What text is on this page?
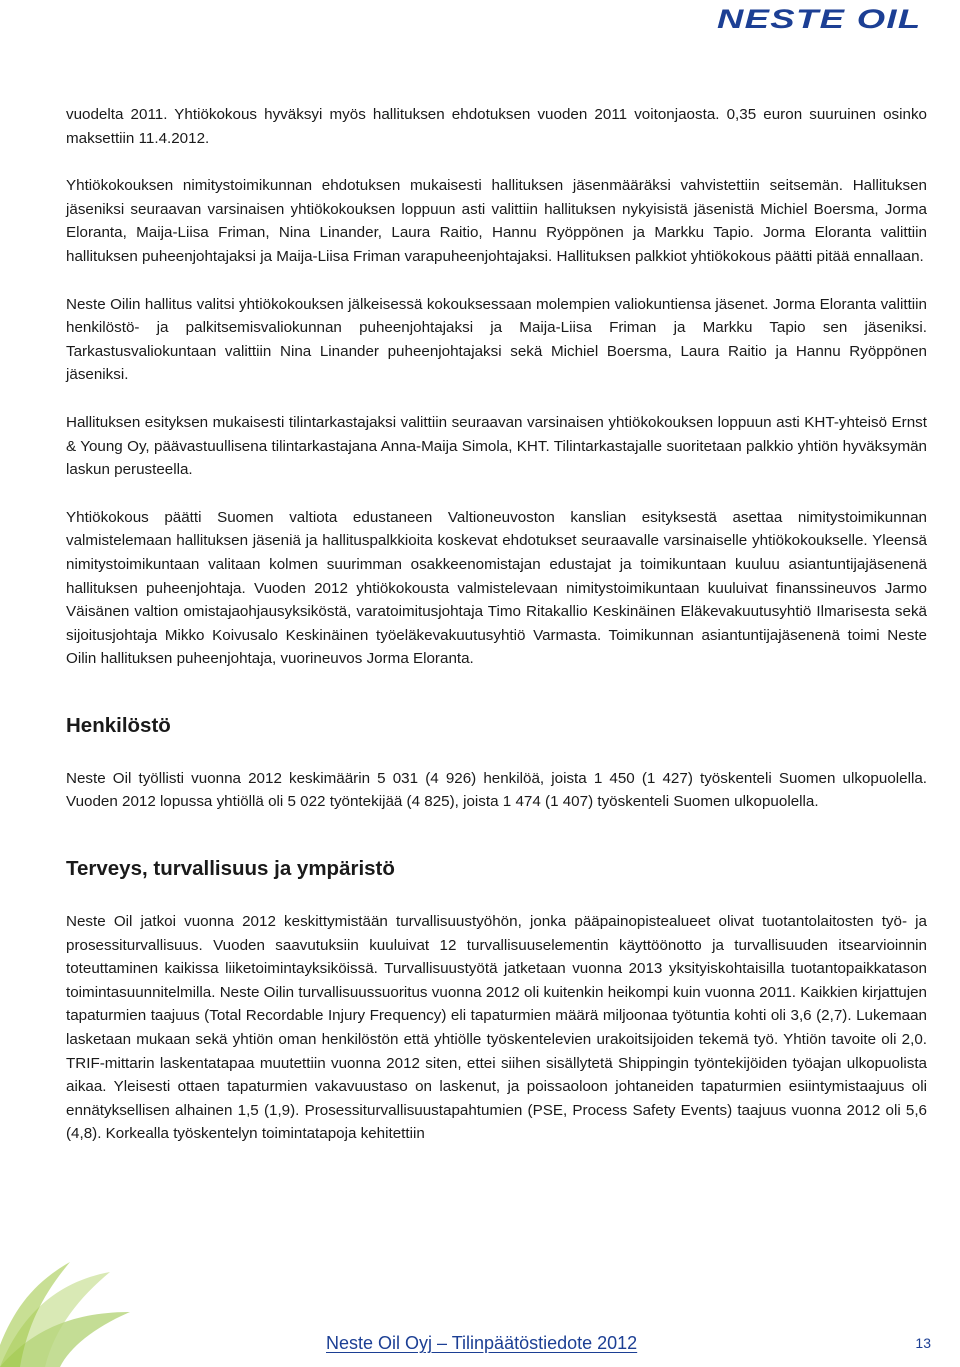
NESTE OIL

vuodelta 2011. Yhtiökokous hyväksyi myös hallituksen ehdotuksen vuoden 2011 voitonjaosta. 0,35 euron suuruinen osinko maksettiin 11.4.2012.

Yhtiökokouksen nimitystoimikunnan ehdotuksen mukaisesti hallituksen jäsenmääräksi vahvistettiin seitsemän. Hallituksen jäseniksi seuraavan varsinaisen yhtiökokouksen loppuun asti valittiin hallituksen nykyisistä jäsenistä Michiel Boersma, Jorma Eloranta, Maija-Liisa Friman, Nina Linander, Laura Raitio, Hannu Ryöppönen ja Markku Tapio. Jorma Eloranta valittiin hallituksen puheenjohtajaksi ja Maija-Liisa Friman varapuheenjohtajaksi. Hallituksen palkkiot yhtiökokous päätti pitää ennallaan.

Neste Oilin hallitus valitsi yhtiökokouksen jälkeisessä kokouksessaan molempien valiokuntiensa jäsenet. Jorma Eloranta valittiin henkilöstö- ja palkitsemisvaliokunnan puheenjohtajaksi ja Maija-Liisa Friman ja Markku Tapio sen jäseniksi. Tarkastusvaliokuntaan valittiin Nina Linander puheenjohtajaksi sekä Michiel Boersma, Laura Raitio ja Hannu Ryöppönen jäseniksi.

Hallituksen esityksen mukaisesti tilintarkastajaksi valittiin seuraavan varsinaisen yhtiökokouksen loppuun asti KHT-yhteisö Ernst & Young Oy, päävastuullisena tilintarkastajana Anna-Maija Simola, KHT. Tilintarkastajalle suoritetaan palkkio yhtiön hyväksymän laskun perusteella.

Yhtiökokous päätti Suomen valtiota edustaneen Valtioneuvoston kanslian esityksestä asettaa nimitystoimikunnan valmistelemaan hallituksen jäseniä ja hallituspalkkioita koskevat ehdotukset seuraavalle varsinaiselle yhtiökokoukselle. Yleensä nimitystoimikuntaan valitaan kolmen suurimman osakkeenomistajan edustajat ja toimikuntaan kuuluu asiantuntijajäsenenä hallituksen puheenjohtaja. Vuoden 2012 yhtiökokousta valmistelevaan nimitystoimikuntaan kuuluivat finanssineuvos Jarmo Väisänen valtion omistajaohjausyksiköstä, varatoimitusjohtaja Timo Ritakallio Keskinäinen Eläkevakuutusyhtiö Ilmarisesta sekä sijoitusjohtaja Mikko Koivusalo Keskinäinen työeläkevakuutusyhtiö Varmasta. Toimikunnan asiantuntijajäsenenä toimi Neste Oilin hallituksen puheenjohtaja, vuorineuvos Jorma Eloranta.

Henkilöstö

Neste Oil työllisti vuonna 2012 keskimäärin 5 031 (4 926) henkilöä, joista 1 450 (1 427) työskenteli Suomen ulkopuolella. Vuoden 2012 lopussa yhtiöllä oli 5 022 työntekijää (4 825), joista 1 474 (1 407) työskenteli Suomen ulkopuolella.

Terveys, turvallisuus ja ympäristö

Neste Oil jatkoi vuonna 2012 keskittymistään turvallisuustyöhön, jonka pääpainopistealueet olivat tuotantolaitosten työ- ja prosessiturvallisuus. Vuoden saavutuksiin kuuluivat 12 turvallisuuselementin käyttöönotto ja turvallisuuden itsearvioinnin toteuttaminen kaikissa liiketoimintayksiköissä. Turvallisuustyötä jatketaan vuonna 2013 yksityiskohtaisilla tuotantopaikkatason toimintasuunnitelmilla. Neste Oilin turvallisuussuoritus vuonna 2012 oli kuitenkin heikompi kuin vuonna 2011. Kaikkien kirjattujen tapaturmien taajuus (Total Recordable Injury Frequency) eli tapaturmien määrä miljoonaa työtuntia kohti oli 3,6 (2,7). Lukemaan lasketaan mukaan sekä yhtiön oman henkilöstön että yhtiölle työskentelevien urakoitsijoiden tekemä työ. Yhtiön tavoite oli 2,0. TRIF-mittarin laskentatapaa muutettiin vuonna 2012 siten, ettei siihen sisällytetä Shippingin työntekijöiden työajan ulkopuolista aikaa. Yleisesti ottaen tapaturmien vakavuustaso on laskenut, ja poissaoloon johtaneiden tapaturmien esiintymistaajuus oli ennätyksellisen alhainen 1,5 (1,9). Prosessiturvallisuustapahtumien (PSE, Process Safety Events) taajuus vuonna 2012 oli 5,6 (4,8). Korkealla työskentelyn toimintatapoja kehitettiin

Neste Oil Oyj – Tilinpäätöstiedote 2012	13
